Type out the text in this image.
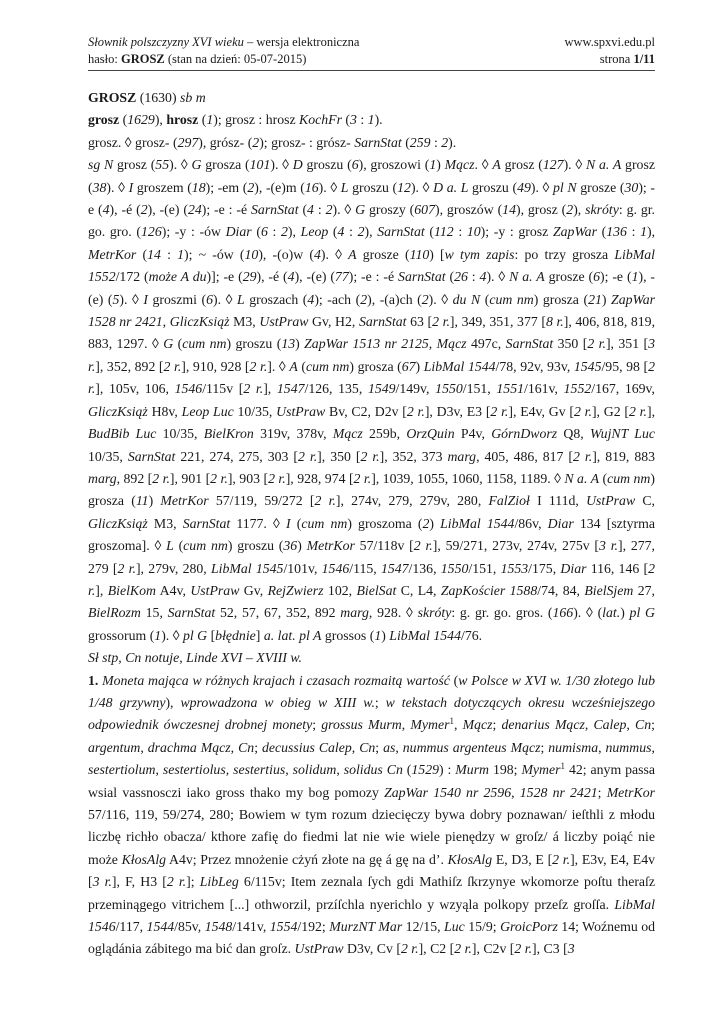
Słownik polszczyzny XVI wieku – wersja elektroniczna	www.spxvi.edu.pl
hasło: GROSZ (stan na dzień: 05-07-2015)	strona 1/11

GROSZ (1630) sb m

grosz (1629), hrosz (1); grosz : hrosz KochFr (3 : 1).

grosz. ◊ grosz- (297), grósz- (2); grosz- : grósz- SarnStat (259 : 2).

sg N grosz (55). ◊ G grosza (101). ◊ D groszu (6), groszowi (1) Mącz. ◊ A grosz (127). ◊ N a. A grosz (38). ◊ I groszem (18); -em (2), -(e)m (16). ◊ L groszu (12). ◊ D a. L groszu (49). ◊ pl N grosze (30); -e (4), -é (2), -(e) (24); -e : -é SarnStat (4 : 2). ◊ G groszy (607), groszów (14), grosz (2), skróty: g. gr. go. gro. (126); -y : -ów Diar (6 : 2), Leop (4 : 2), SarnStat (112 : 10); -y : grosz ZapWar (136 : 1), MetrKor (14 : 1); ~ -ów (10), -(o)w (4). ◊ A grosze (110) [w tym zapis: po trzy grosza LibMal 1552/172 (może A du)]; -e (29), -é (4), -(e) (77); -e : -é SarnStat (26 : 4). ◊ N a. A grosze (6); -e (1), -(e) (5). ◊ I groszmi (6). ◊ L groszach (4); -ach (2), -(a)ch (2). ◊ du N (cum nm) grosza (21) ZapWar 1528 nr 2421, GliczKsiąż M3, UstPraw Gv, H2, SarnStat 63 [2 r.], 349, 351, 377 [8 r.], 406, 818, 819, 883, 1297. ◊ G (cum nm) groszu (13) ZapWar 1513 nr 2125, Mącz 497c, SarnStat 350 [2 r.], 351 [3 r.], 352, 892 [2 r.], 910, 928 [2 r.]. ◊ A (cum nm) grosza (67) LibMal 1544/78, 92v, 93v, 1545/95, 98 [2 r.], 105v, 106, 1546/115v [2 r.], 1547/126, 135, 1549/149v, 1550/151, 1551/161v, 1552/167, 169v, GliczKsiąż H8v, Leop Luc 10/35, UstPraw Bv, C2, D2v [2 r.], D3v, E3 [2 r.], E4v, Gv [2 r.], G2 [2 r.], BudBib Luc 10/35, BielKron 319v, 378v, Mącz 259b, OrzQuin P4v, GórnDworz Q8, WujNT Luc 10/35, SarnStat 221, 274, 275, 303 [2 r.], 350 [2 r.], 352, 373 marg, 405, 486, 817 [2 r.], 819, 883 marg, 892 [2 r.], 901 [2 r.], 903 [2 r.], 928, 974 [2 r.], 1039, 1055, 1060, 1158, 1189. ◊ N a. A (cum nm) grosza (11) MetrKor 57/119, 59/272 [2 r.], 274v, 279, 279v, 280, FalZioł I 111d, UstPraw C, GliczKsiąż M3, SarnStat 1177. ◊ I (cum nm) groszoma (2) LibMal 1544/86v, Diar 134 [sztyrma groszoma]. ◊ L (cum nm) groszu (36) MetrKor 57/118v [2 r.], 59/271, 273v, 274v, 275v [3 r.], 277, 279 [2 r.], 279v, 280, LibMal 1545/101v, 1546/115, 1547/136, 1550/151, 1553/175, Diar 116, 146 [2 r.], BielKom A4v, UstPraw Gv, RejZwierz 102, BielSat C, L4, ZapKościer 1588/74, 84, BielSjem 27, BielRozm 15, SarnStat 52, 57, 67, 352, 892 marg, 928. ◊ skróty: g. gr. go. gros. (166). ◊ (lat.) pl G grossorum (1). ◊ pl G [błędnie] a. lat. pl A grossos (1) LibMal 1544/76.

Sł stp, Cn notuje, Linde XVI – XVIII w.

1. Moneta mająca w różnych krajach i czasach rozmaitą wartość (w Polsce w XVI w. 1/30 złotego lub 1/48 grzywny), wprowadzona w obieg w XIII w.; w tekstach dotyczących okresu wcześniejszego odpowiednik ówczesnej drobnej monety; grossus Murm, Mymer$^1$, Mącz; denarius Mącz, Calep, Cn; argentum, drachma Mącz, Cn; decussius Calep, Cn; as, nummus argenteus Mącz; numisma, nummus, sestertiolum, sestertiolus, sestertius, solidum, solidus Cn (1529) : Murm 198; Mymer$^1$ 42; anym passa wsial vassnosczi iako gross thako my bog pomozy ZapWar 1540 nr 2596, 1528 nr 2421; MetrKor 57/116, 119, 59/274, 280; Bowiem w tym rozum dziecięczy bywa dobry poznawan/ ieſthli z młodu liczbę richło obacza/ kthore zafię do fiedmi lat nie wie wiele pienędzy w groſz/ á liczby poiąć nie może KłosAlg A4v; Przez mnożenie cżyń złote na gę á gę na d’. KłosAlg E, D3, E [2 r.], E3v, E4, E4v [3 r.], F, H3 [2 r.]; LibLeg 6/115v; Item zeznala ſych gdi Mathiſz ſkrzynye wkomorze poſtu theraſz przeminągego vitrichem [...] othworzil, przíſchla nyerichlo y wzyąla polkopy przeſz groſſa. LibMal 1546/117, 1544/85v, 1548/141v, 1554/192; MurzNT Mar 12/15, Luc 15/9; GroicPorz 14; Woźnemu od oglądánia zábitego ma bić dan groſz. UstPraw D3v, Cv [2 r.], C2 [2 r.], C2v [2 r.], C3 [3
